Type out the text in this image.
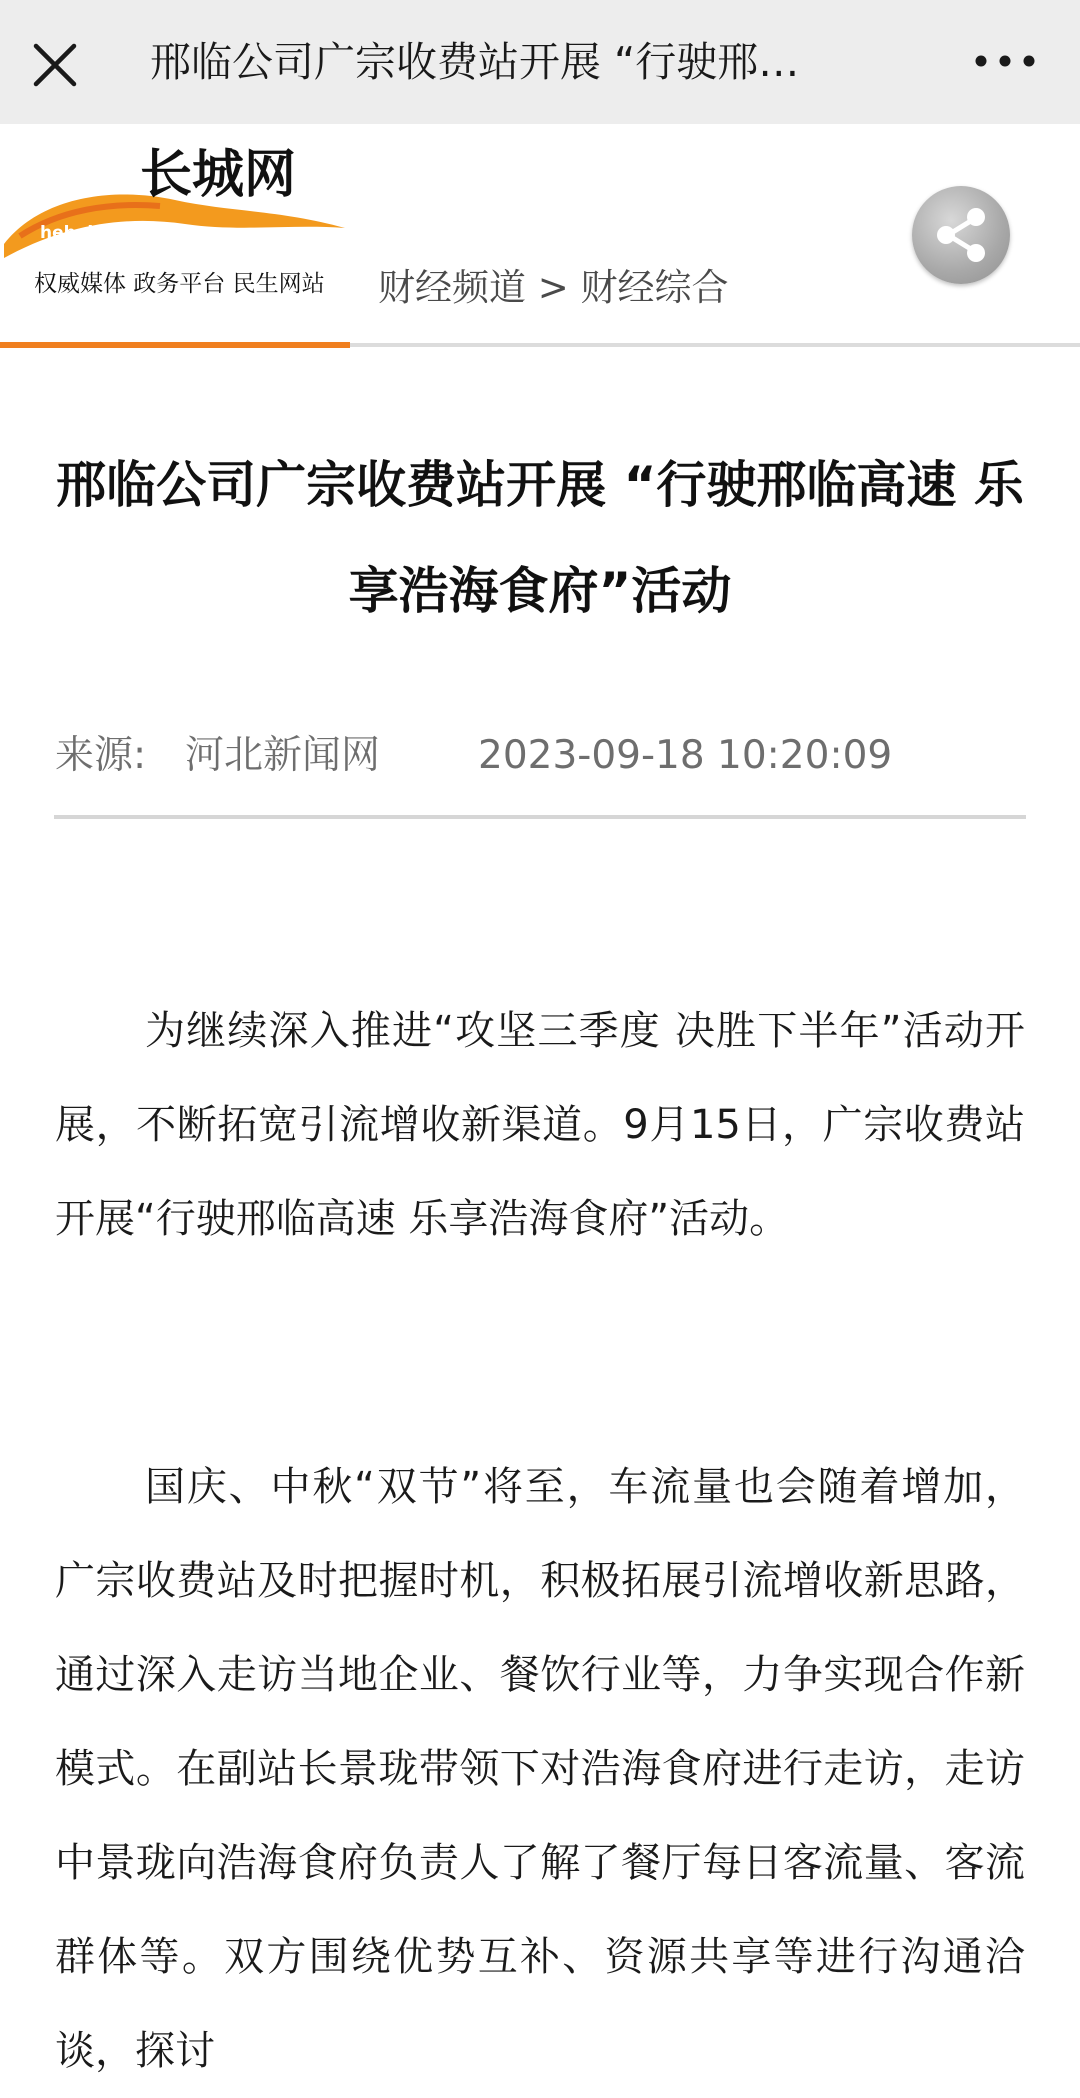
邢临公司广宗收费站开展 “行驶邢…
长城网
hebei.com.cn
权威媒体 政务平台 民生网站	财经频道 > 财经综合
邢临公司广宗收费站开展 “行驶邢临高速 乐享浩海食府”活动
来源: 河北新闻网	2023-09-18 10:20:09

为继续深入推进“攻坚三季度 决胜下半年”活动开展，不断拓宽引流增收新渠道。9月15日，广宗收费站开展“行驶邢临高速 乐享浩海食府”活动。

国庆、中秋“双节”将至，车流量也会随着增加，广宗收费站及时把握时机，积极拓展引流增收新思路，通过深入走访当地企业、餐饮行业等，力争实现合作新模式。在副站长景珑带领下对浩海食府进行走访，走访中景珑向浩海食府负责人了解了餐厅每日客流量、客流群体等。双方围绕优势互补、资源共享等进行沟通洽谈，探讨
